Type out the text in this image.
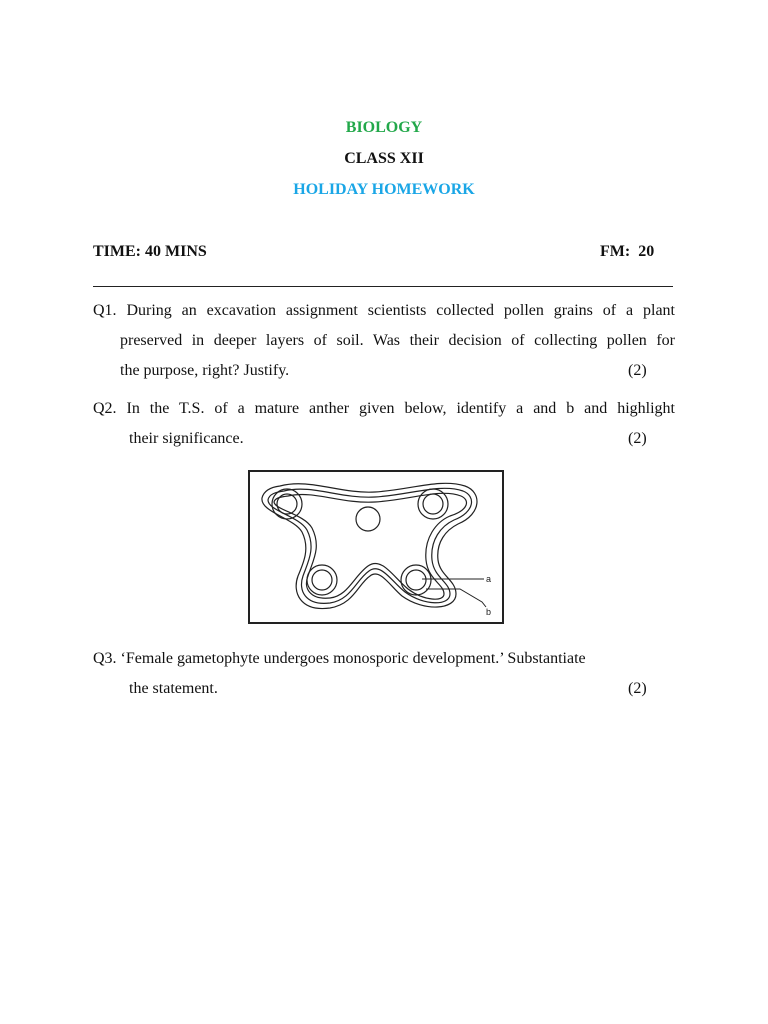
BIOLOGY
CLASS XII
HOLIDAY HOMEWORK
TIME: 40 MINS	FM:  20
Q1. During an excavation assignment scientists collected pollen grains of a plant
preserved in deeper layers of soil. Was their decision of collecting pollen for
the purpose, right? Justify.	(2)
Q2. In the T.S. of a mature anther given below, identify a and b and highlight
their significance.	(2)
a
b
Q3. ‘Female gametophyte undergoes monosporic development.’ Substantiate
the statement.	(2)
